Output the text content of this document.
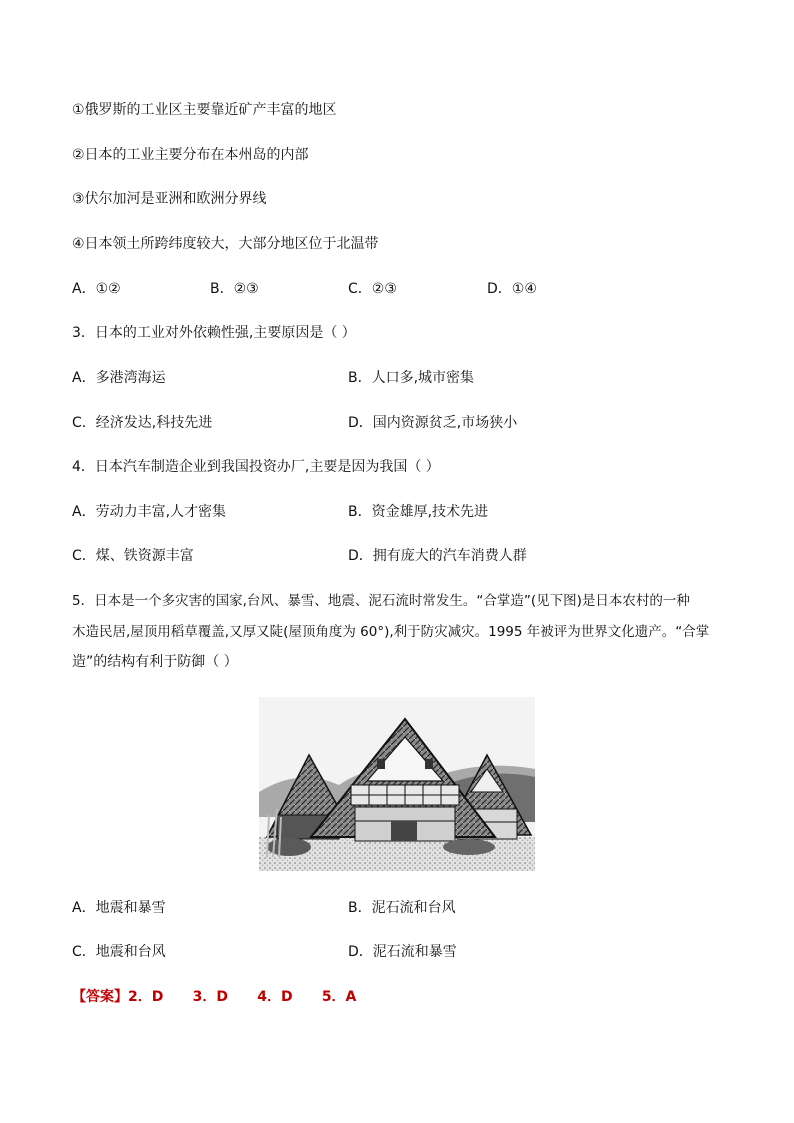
①俄罗斯的工业区主要靠近矿产丰富的地区
②日本的工业主要分布在本州岛的内部
③伏尔加河是亚洲和欧洲分界线
④日本领土所跨纬度较大，大部分地区位于北温带
A．①②	B．②③	C．②③	D．①④
3．日本的工业对外依赖性强,主要原因是（ ）
A．多港湾海运	B．人口多,城市密集
C．经济发达,科技先进	D．国内资源贫乏,市场狭小
4．日本汽车制造企业到我国投资办厂,主要是因为我国（ ）
A．劳动力丰富,人才密集	B．资金雄厚,技术先进
C．煤、铁资源丰富	D．拥有庞大的汽车消费人群
5．日本是一个多灾害的国家,台风、暴雪、地震、泥石流时常发生。“合掌造”(见下图)是日本农村的一种
木造民居,屋顶用稻草覆盖,又厚又陡(屋顶角度为 60°),利于防灾减灾。1995 年被评为世界文化遗产。“合掌
造”的结构有利于防御（ ）
A．地震和暴雪	B．泥石流和台风
C．地震和台风	D．泥石流和暴雪
【答案】2．D      3．D      4．D      5．A
